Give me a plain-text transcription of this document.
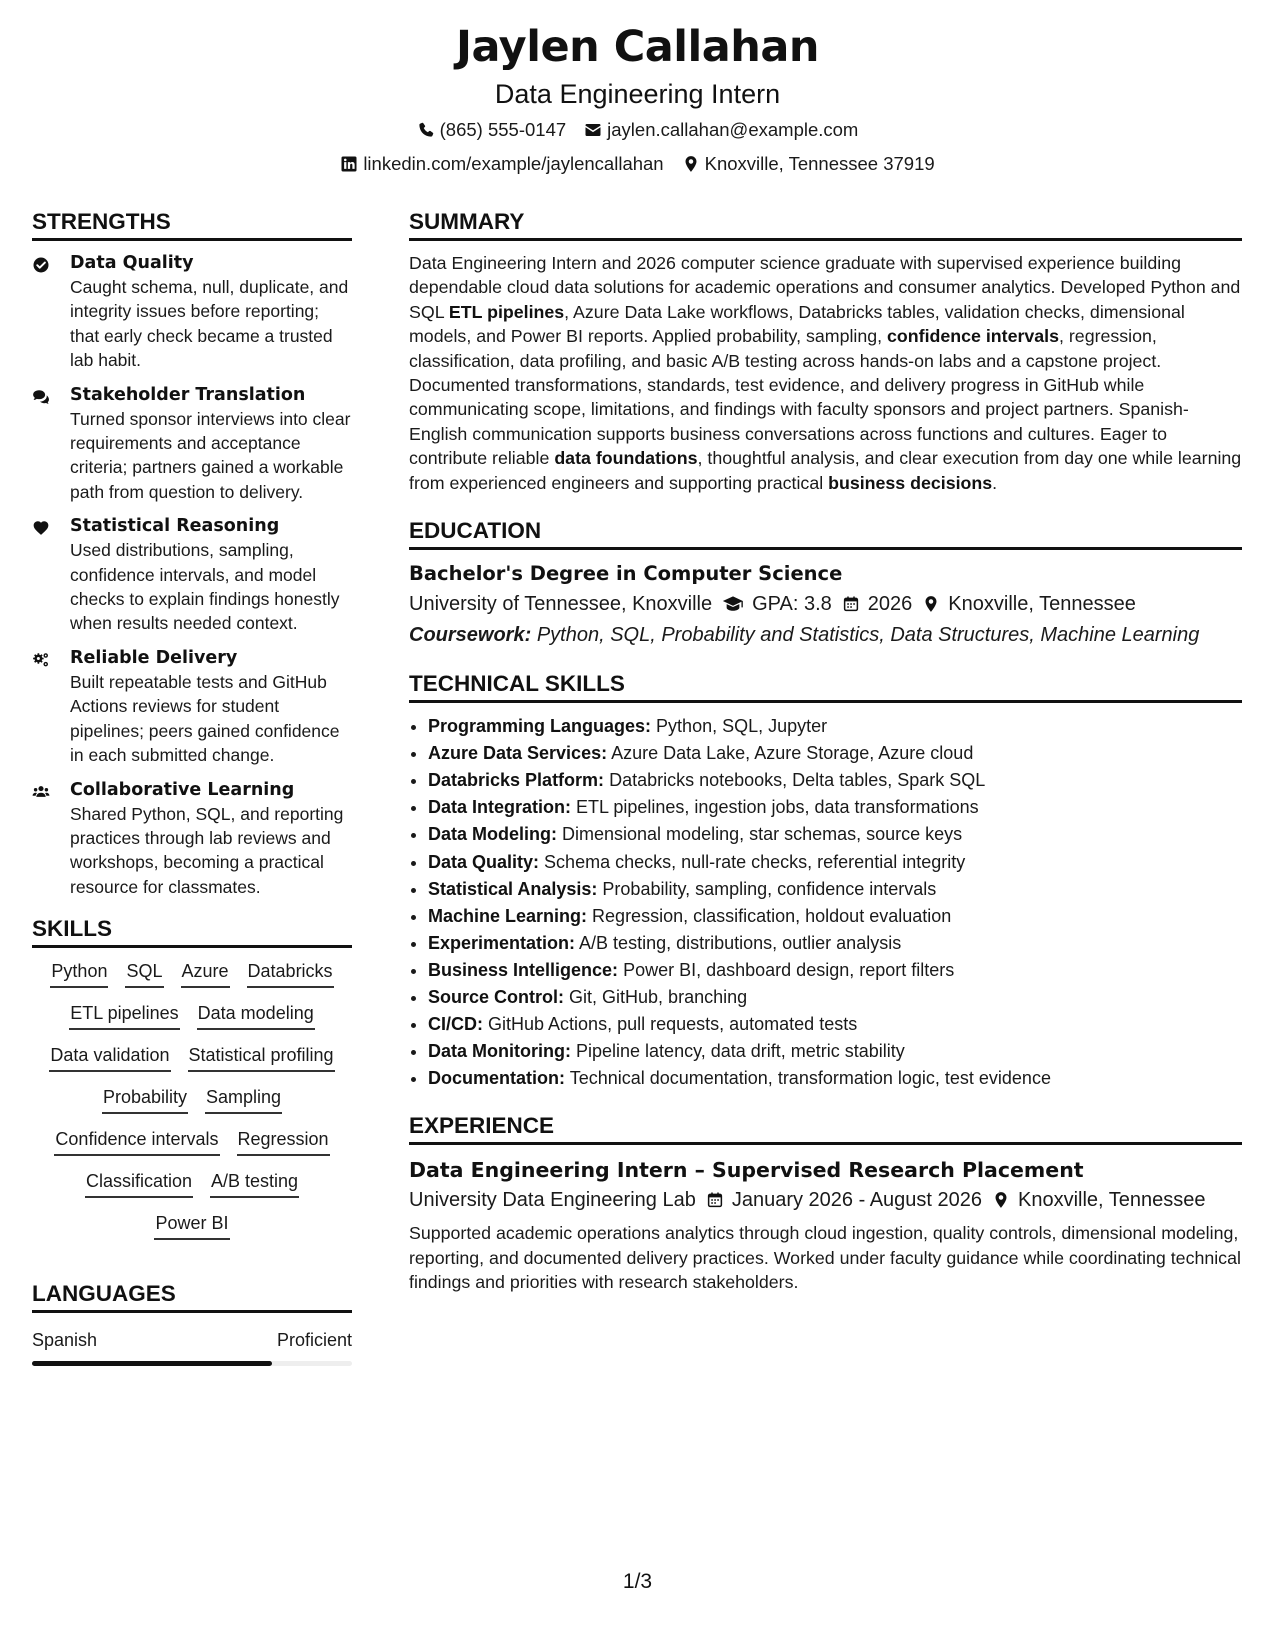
Jaylen Callahan
Data Engineering Intern
(865) 555-0147 jaylen.callahan@example.com
linkedin.com/example/jaylencallahan Knoxville, Tennessee 37919
STRENGTHS
Data Quality
Caught schema, null, duplicate, and integrity issues before reporting; that early check became a trusted lab habit.
Stakeholder Translation
Turned sponsor interviews into clear requirements and acceptance criteria; partners gained a workable path from question to delivery.
Statistical Reasoning
Used distributions, sampling, confidence intervals, and model checks to explain findings honestly when results needed context.
Reliable Delivery
Built repeatable tests and GitHub Actions reviews for student pipelines; peers gained confidence in each submitted change.
Collaborative Learning
Shared Python, SQL, and reporting practices through lab reviews and workshops, becoming a practical resource for classmates.
SKILLS
Python SQL Azure Databricks
ETL pipelines Data modeling
Data validation Statistical profiling
Probability Sampling
Confidence intervals Regression
Classification A/B testing
Power BI
LANGUAGES
Spanish	Proficient
SUMMARY
Data Engineering Intern and 2026 computer science graduate with supervised experience building dependable cloud data solutions for academic operations and consumer analytics. Developed Python and SQL ETL pipelines, Azure Data Lake workflows, Databricks tables, validation checks, dimensional models, and Power BI reports. Applied probability, sampling, confidence intervals, regression, classification, data profiling, and basic A/B testing across hands-on labs and a capstone project. Documented transformations, standards, test evidence, and delivery progress in GitHub while communicating scope, limitations, and findings with faculty sponsors and project partners. Spanish-English communication supports business conversations across functions and cultures. Eager to contribute reliable data foundations, thoughtful analysis, and clear execution from day one while learning from experienced engineers and supporting practical business decisions.
EDUCATION
Bachelor's Degree in Computer Science
University of Tennessee, Knoxville GPA: 3.8 2026 Knoxville, Tennessee
Coursework: Python, SQL, Probability and Statistics, Data Structures, Machine Learning
TECHNICAL SKILLS
• Programming Languages: Python, SQL, Jupyter
• Azure Data Services: Azure Data Lake, Azure Storage, Azure cloud
• Databricks Platform: Databricks notebooks, Delta tables, Spark SQL
• Data Integration: ETL pipelines, ingestion jobs, data transformations
• Data Modeling: Dimensional modeling, star schemas, source keys
• Data Quality: Schema checks, null-rate checks, referential integrity
• Statistical Analysis: Probability, sampling, confidence intervals
• Machine Learning: Regression, classification, holdout evaluation
• Experimentation: A/B testing, distributions, outlier analysis
• Business Intelligence: Power BI, dashboard design, report filters
• Source Control: Git, GitHub, branching
• CI/CD: GitHub Actions, pull requests, automated tests
• Data Monitoring: Pipeline latency, data drift, metric stability
• Documentation: Technical documentation, transformation logic, test evidence
EXPERIENCE
Data Engineering Intern – Supervised Research Placement
University Data Engineering Lab January 2026 - August 2026 Knoxville, Tennessee
Supported academic operations analytics through cloud ingestion, quality controls, dimensional modeling, reporting, and documented delivery practices. Worked under faculty guidance while coordinating technical findings and priorities with research stakeholders.
1/3
